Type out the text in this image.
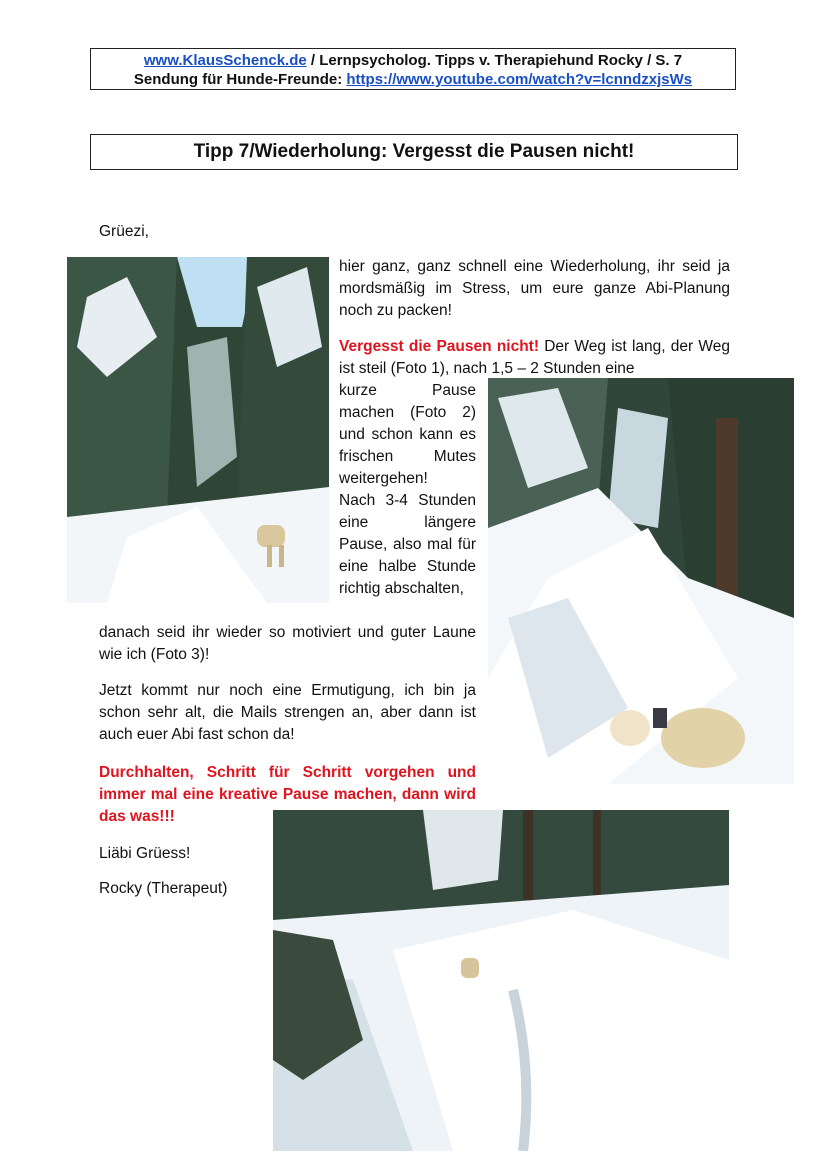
www.KlausSchenck.de / Lernpsycholog. Tipps v. Therapiehund Rocky / S. 7
Sendung für Hunde-Freunde: https://www.youtube.com/watch?v=lcnndzxjsWs
Tipp 7/Wiederholung: Vergesst die Pausen nicht!

Grüezi,

hier ganz, ganz schnell eine Wiederholung, ihr seid ja mordsmäßig im Stress, um eure ganze Abi-Planung noch zu packen!

Vergesst die Pausen nicht! Der Weg ist lang, der Weg ist steil (Foto 1), nach 1,5 – 2 Stunden eine

kurze Pause machen (Foto 2) und schon kann es frischen Mutes weitergehen!

Nach 3-4 Stunden eine längere Pause, also mal für eine halbe Stunde richtig abschalten,

danach seid ihr wieder so motiviert und guter Laune wie ich (Foto 3)!

Jetzt kommt nur noch eine Ermutigung, ich bin ja schon sehr alt, die Mails strengen an, aber dann ist auch euer Abi fast schon da!

Durchhalten, Schritt für Schritt vorgehen und immer mal eine kreative Pause machen, dann wird das was!!!

Liäbi Grüess!

Rocky (Therapeut)
